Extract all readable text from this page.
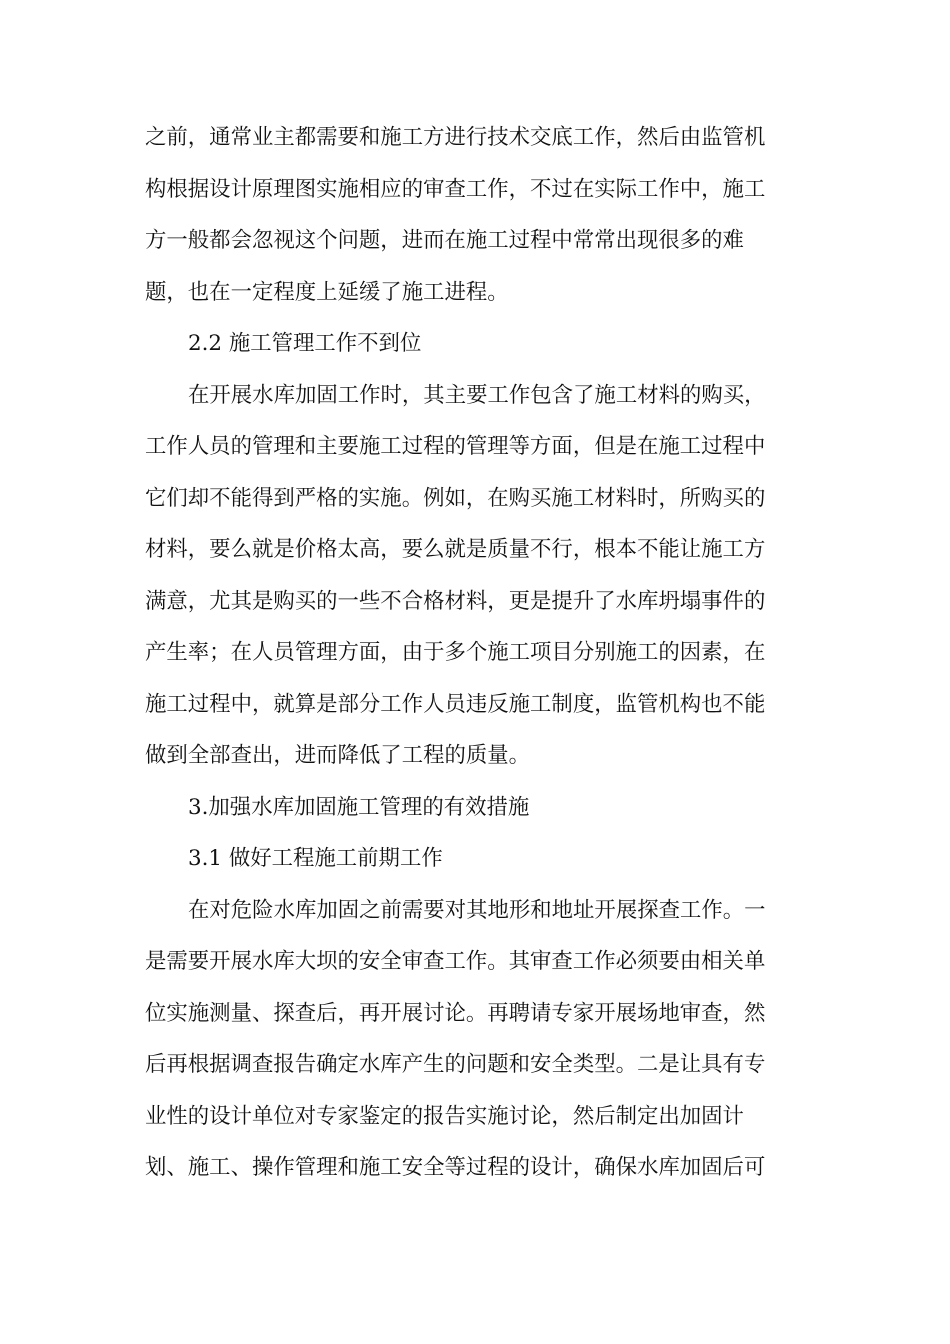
之前，通常业主都需要和施工方进行技术交底工作，然后由监管机
构根据设计原理图实施相应的审查工作，不过在实际工作中，施工
方一般都会忽视这个问题，进而在施工过程中常常出现很多的难
题，也在一定程度上延缓了施工进程。
2.2 施工管理工作不到位
在开展水库加固工作时，其主要工作包含了施工材料的购买，
工作人员的管理和主要施工过程的管理等方面，但是在施工过程中
它们却不能得到严格的实施。例如，在购买施工材料时，所购买的
材料，要么就是价格太高，要么就是质量不行，根本不能让施工方
满意，尤其是购买的一些不合格材料，更是提升了水库坍塌事件的
产生率；在人员管理方面，由于多个施工项目分别施工的因素，在
施工过程中，就算是部分工作人员违反施工制度，监管机构也不能
做到全部查出，进而降低了工程的质量。
3.加强水库加固施工管理的有效措施
3.1 做好工程施工前期工作
在对危险水库加固之前需要对其地形和地址开展探查工作。一
是需要开展水库大坝的安全审查工作。其审查工作必须要由相关单
位实施测量、探查后，再开展讨论。再聘请专家开展场地审查，然
后再根据调查报告确定水库产生的问题和安全类型。二是让具有专
业性的设计单位对专家鉴定的报告实施讨论，然后制定出加固计
划、施工、操作管理和施工安全等过程的设计，确保水库加固后可
